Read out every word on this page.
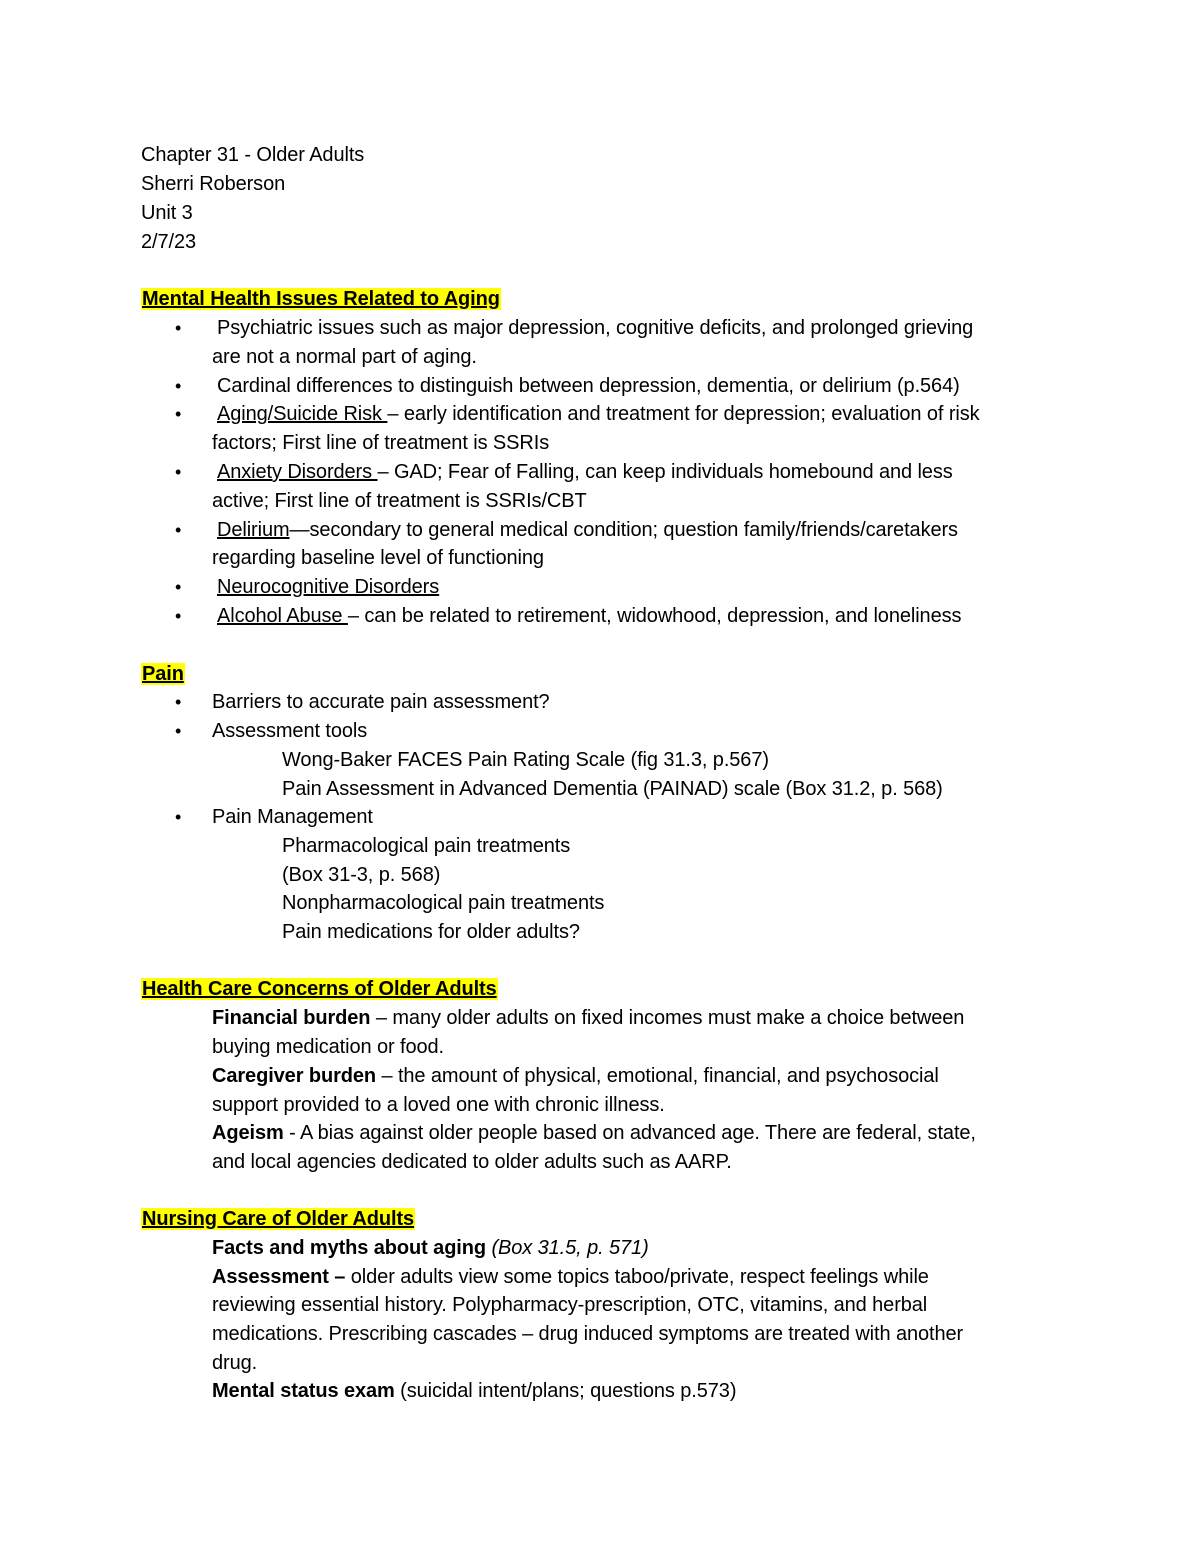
Chapter 31 - Older Adults
Sherri Roberson
Unit 3
2/7/23
Mental Health Issues Related to Aging
• Psychiatric issues such as major depression, cognitive deficits, and prolonged grieving
are not a normal part of aging.
• Cardinal differences to distinguish between depression, dementia, or delirium (p.564)
• Aging/Suicide Risk – early identification and treatment for depression; evaluation of risk
factors; First line of treatment is SSRIs
• Anxiety Disorders – GAD; Fear of Falling, can keep individuals homebound and less
active; First line of treatment is SSRIs/CBT
• Delirium—secondary to general medical condition; question family/friends/caretakers
regarding baseline level of functioning
• Neurocognitive Disorders
• Alcohol Abuse – can be related to retirement, widowhood, depression, and loneliness
Pain
• Barriers to accurate pain assessment?
• Assessment tools
Wong-Baker FACES Pain Rating Scale (fig 31.3, p.567)
Pain Assessment in Advanced Dementia (PAINAD) scale (Box 31.2, p. 568)
• Pain Management
Pharmacological pain treatments
(Box 31-3, p. 568)
Nonpharmacological pain treatments
Pain medications for older adults?
Health Care Concerns of Older Adults
Financial burden – many older adults on fixed incomes must make a choice between
buying medication or food.
Caregiver burden – the amount of physical, emotional, financial, and psychosocial
support provided to a loved one with chronic illness.
Ageism - A bias against older people based on advanced age. There are federal, state,
and local agencies dedicated to older adults such as AARP.
Nursing Care of Older Adults
Facts and myths about aging (Box 31.5, p. 571)
Assessment – older adults view some topics taboo/private, respect feelings while
reviewing essential history. Polypharmacy-prescription, OTC, vitamins, and herbal
medications. Prescribing cascades – drug induced symptoms are treated with another
drug.
Mental status exam (suicidal intent/plans; questions p.573)
